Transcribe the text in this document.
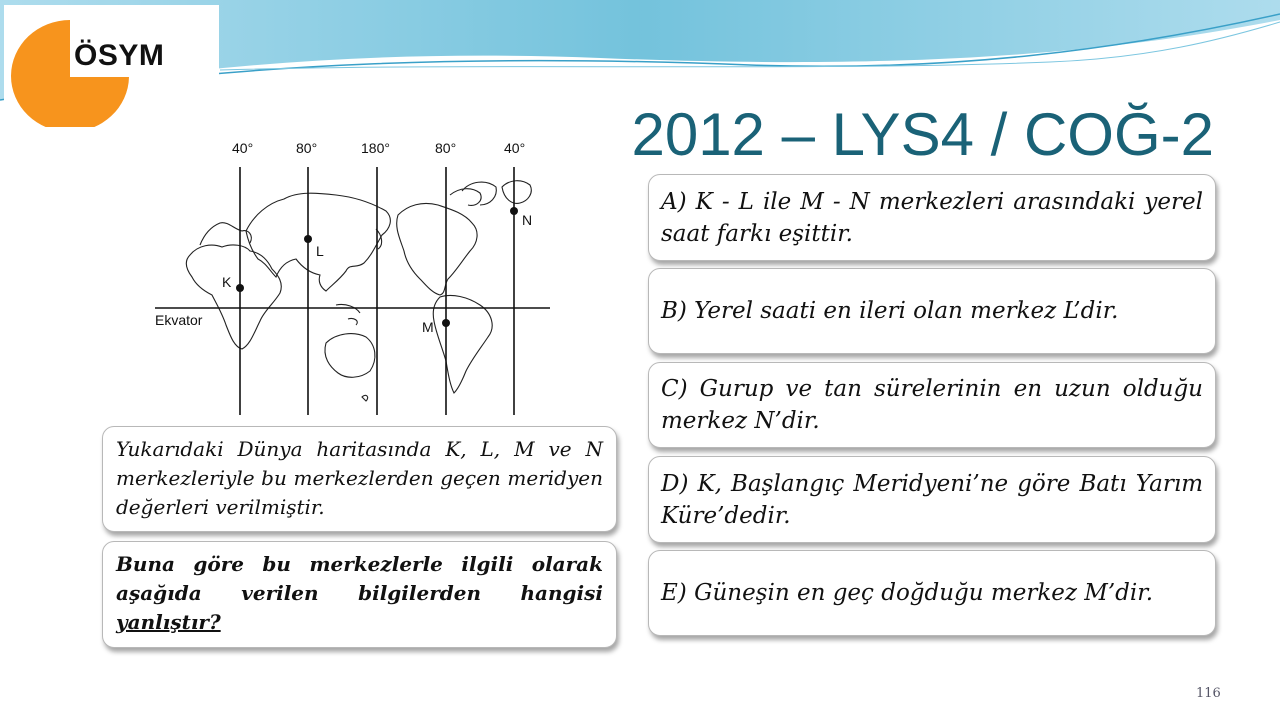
ÖSYM
2012 – LYS4 / COĞ-2
40°	80°	180°	80°	40°
Ekvator
K
L
M
N

Yukarıdaki Dünya haritasında K, L, M ve N merkezleriyle bu merkezlerden geçen meridyen değerleri verilmiştir.

Buna göre bu merkezlerle ilgili olarak aşağıda verilen bilgilerden hangisi yanlıştır?

A) K - L ile M - N merkezleri arasındaki yerel saat farkı eşittir.

B) Yerel saati en ileri olan merkez L’dir.

C) Gurup ve tan sürelerinin en uzun olduğu merkez N’dir.

D) K, Başlangıç Meridyeni’ne göre Batı Yarım Küre’dedir.

E) Güneşin en geç doğduğu merkez M’dir.

116
